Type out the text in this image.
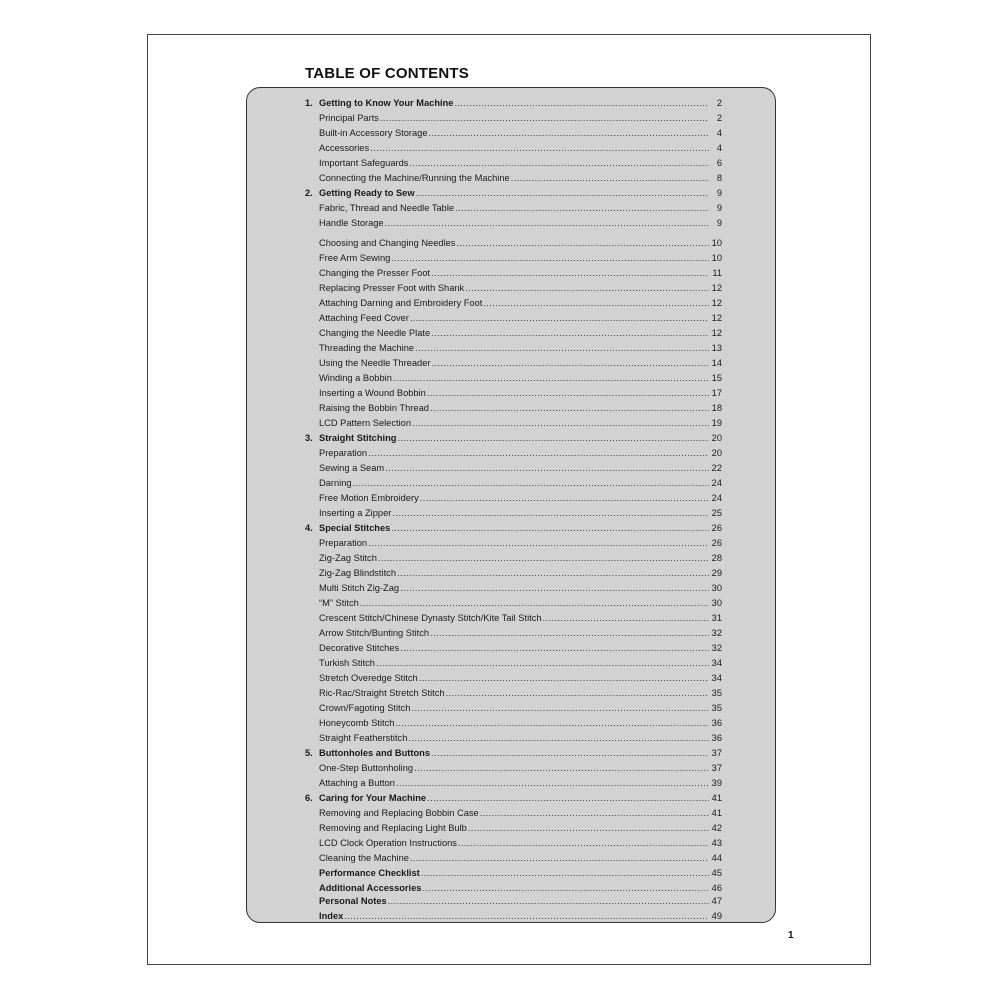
TABLE OF CONTENTS
1. Getting to Know Your Machine .....	2
Principal Parts .....	2
Built-in Accessory Storage .....	4
Accessories .....	4
Important Safeguards .....	6
Connecting the Machine/Running the Machine .....	8
2. Getting Ready to Sew .....	9
Fabric, Thread and Needle Table .....	9
Handle Storage .....	9
Choosing and Changing Needles .....	10
Free Arm Sewing .....	10
Changing the Presser Foot .....	11
Replacing Presser Foot with Shank .....	12
Attaching Darning and Embroidery Foot .....	12
Attaching Feed Cover .....	12
Changing the Needle Plate .....	12
Threading the Machine .....	13
Using the Needle Threader .....	14
Winding a Bobbin .....	15
Inserting a Wound Bobbin .....	17
Raising the Bobbin Thread .....	18
LCD Pattern Selection .....	19
3. Straight Stitching .....	20
Preparation .....	20
Sewing a Seam .....	22
Darning .....	24
Free Motion Embroidery .....	24
Inserting a Zipper .....	25
4. Special Stitches .....	26
Preparation .....	26
Zig-Zag Stitch .....	28
Zig-Zag Blindstitch .....	29
Multi Stitch Zig-Zag .....	30
“M” Stitch .....	30
Crescent Stitch/Chinese Dynasty Stitch/Kite Tail Stitch .....	31
Arrow Stitch/Bunting Stitch .....	32
Decorative Stitches .....	32
Turkish Stitch .....	34
Stretch Overedge Stitch .....	34
Ric-Rac/Straight Stretch Stitch .....	35
Crown/Fagoting Stitch .....	35
Honeycomb Stitch .....	36
Straight Featherstitch .....	36
5. Buttonholes and Buttons .....	37
One-Step Buttonholing .....	37
Attaching a Button .....	39
6. Caring for Your Machine .....	41
Removing and Replacing Bobbin Case .....	41
Removing and Replacing Light Bulb .....	42
LCD Clock Operation Instructions .....	43
Cleaning the Machine .....	44
Performance Checklist .....	45
Additional Accessories .....	46
Personal Notes .....	47
Index .....	49
1
